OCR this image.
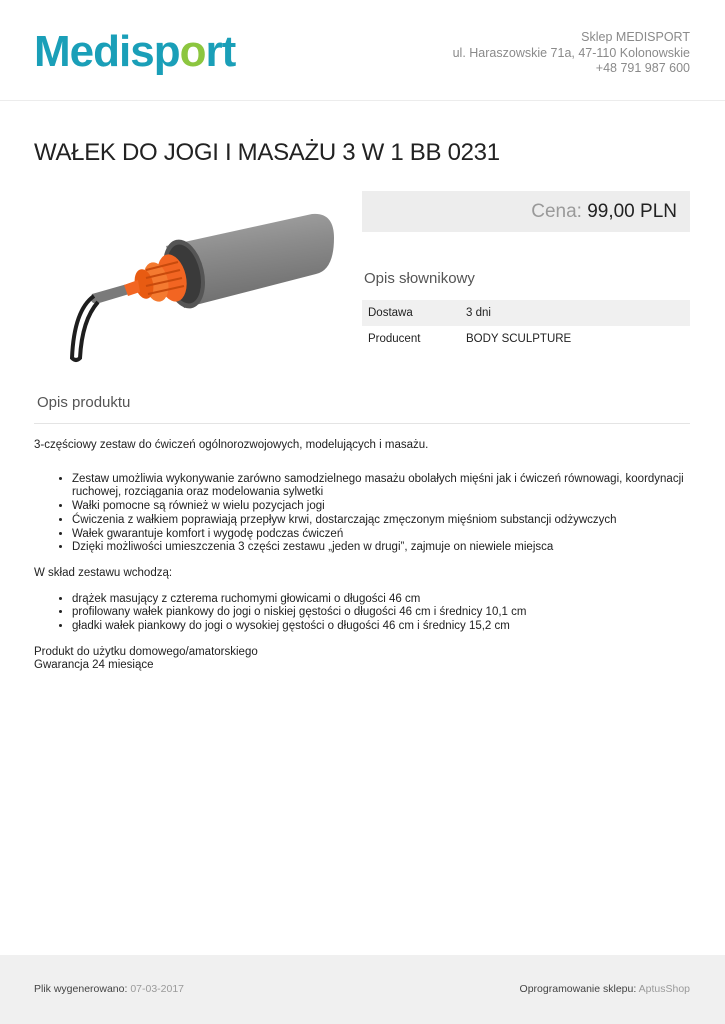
Medisport	Sklep MEDISPORT
ul. Haraszowskie 71a, 47-110 Kolonowskie
+48 791 987 600
WAŁEK DO JOGI I MASAŻU 3 W 1 BB 0231
Cena: 99,00 PLN
Opis słownikowy
Dostawa	3 dni
Producent	BODY SCULPTURE
Opis produktu

3-częściowy zestaw do ćwiczeń ogólnorozwojowych, modelujących i masażu.

• Zestaw umożliwia wykonywanie zarówno samodzielnego masażu obolałych mięśni jak i ćwiczeń równowagi, koordynacji ruchowej, rozciągania oraz modelowania sylwetki
• Wałki pomocne są również w wielu pozycjach jogi
• Ćwiczenia z wałkiem poprawiają przepływ krwi, dostarczając zmęczonym mięśniom substancji odżywczych
• Wałek gwarantuje komfort i wygodę podczas ćwiczeń
• Dzięki możliwości umieszczenia 3 części zestawu „jeden w drugi”, zajmuje on niewiele miejsca

W skład zestawu wchodzą:

• drążek masujący z czterema ruchomymi głowicami o długości 46 cm
• profilowany wałek piankowy do jogi o niskiej gęstości o długości 46 cm i średnicy 10,1 cm
• gładki wałek piankowy do jogi o wysokiej gęstości o długości 46 cm i średnicy 15,2 cm

Produkt do użytku domowego/amatorskiego

Gwarancja 24 miesiące

Plik wygenerowano: 07-03-2017	Oprogramowanie sklepu: AptusShop
